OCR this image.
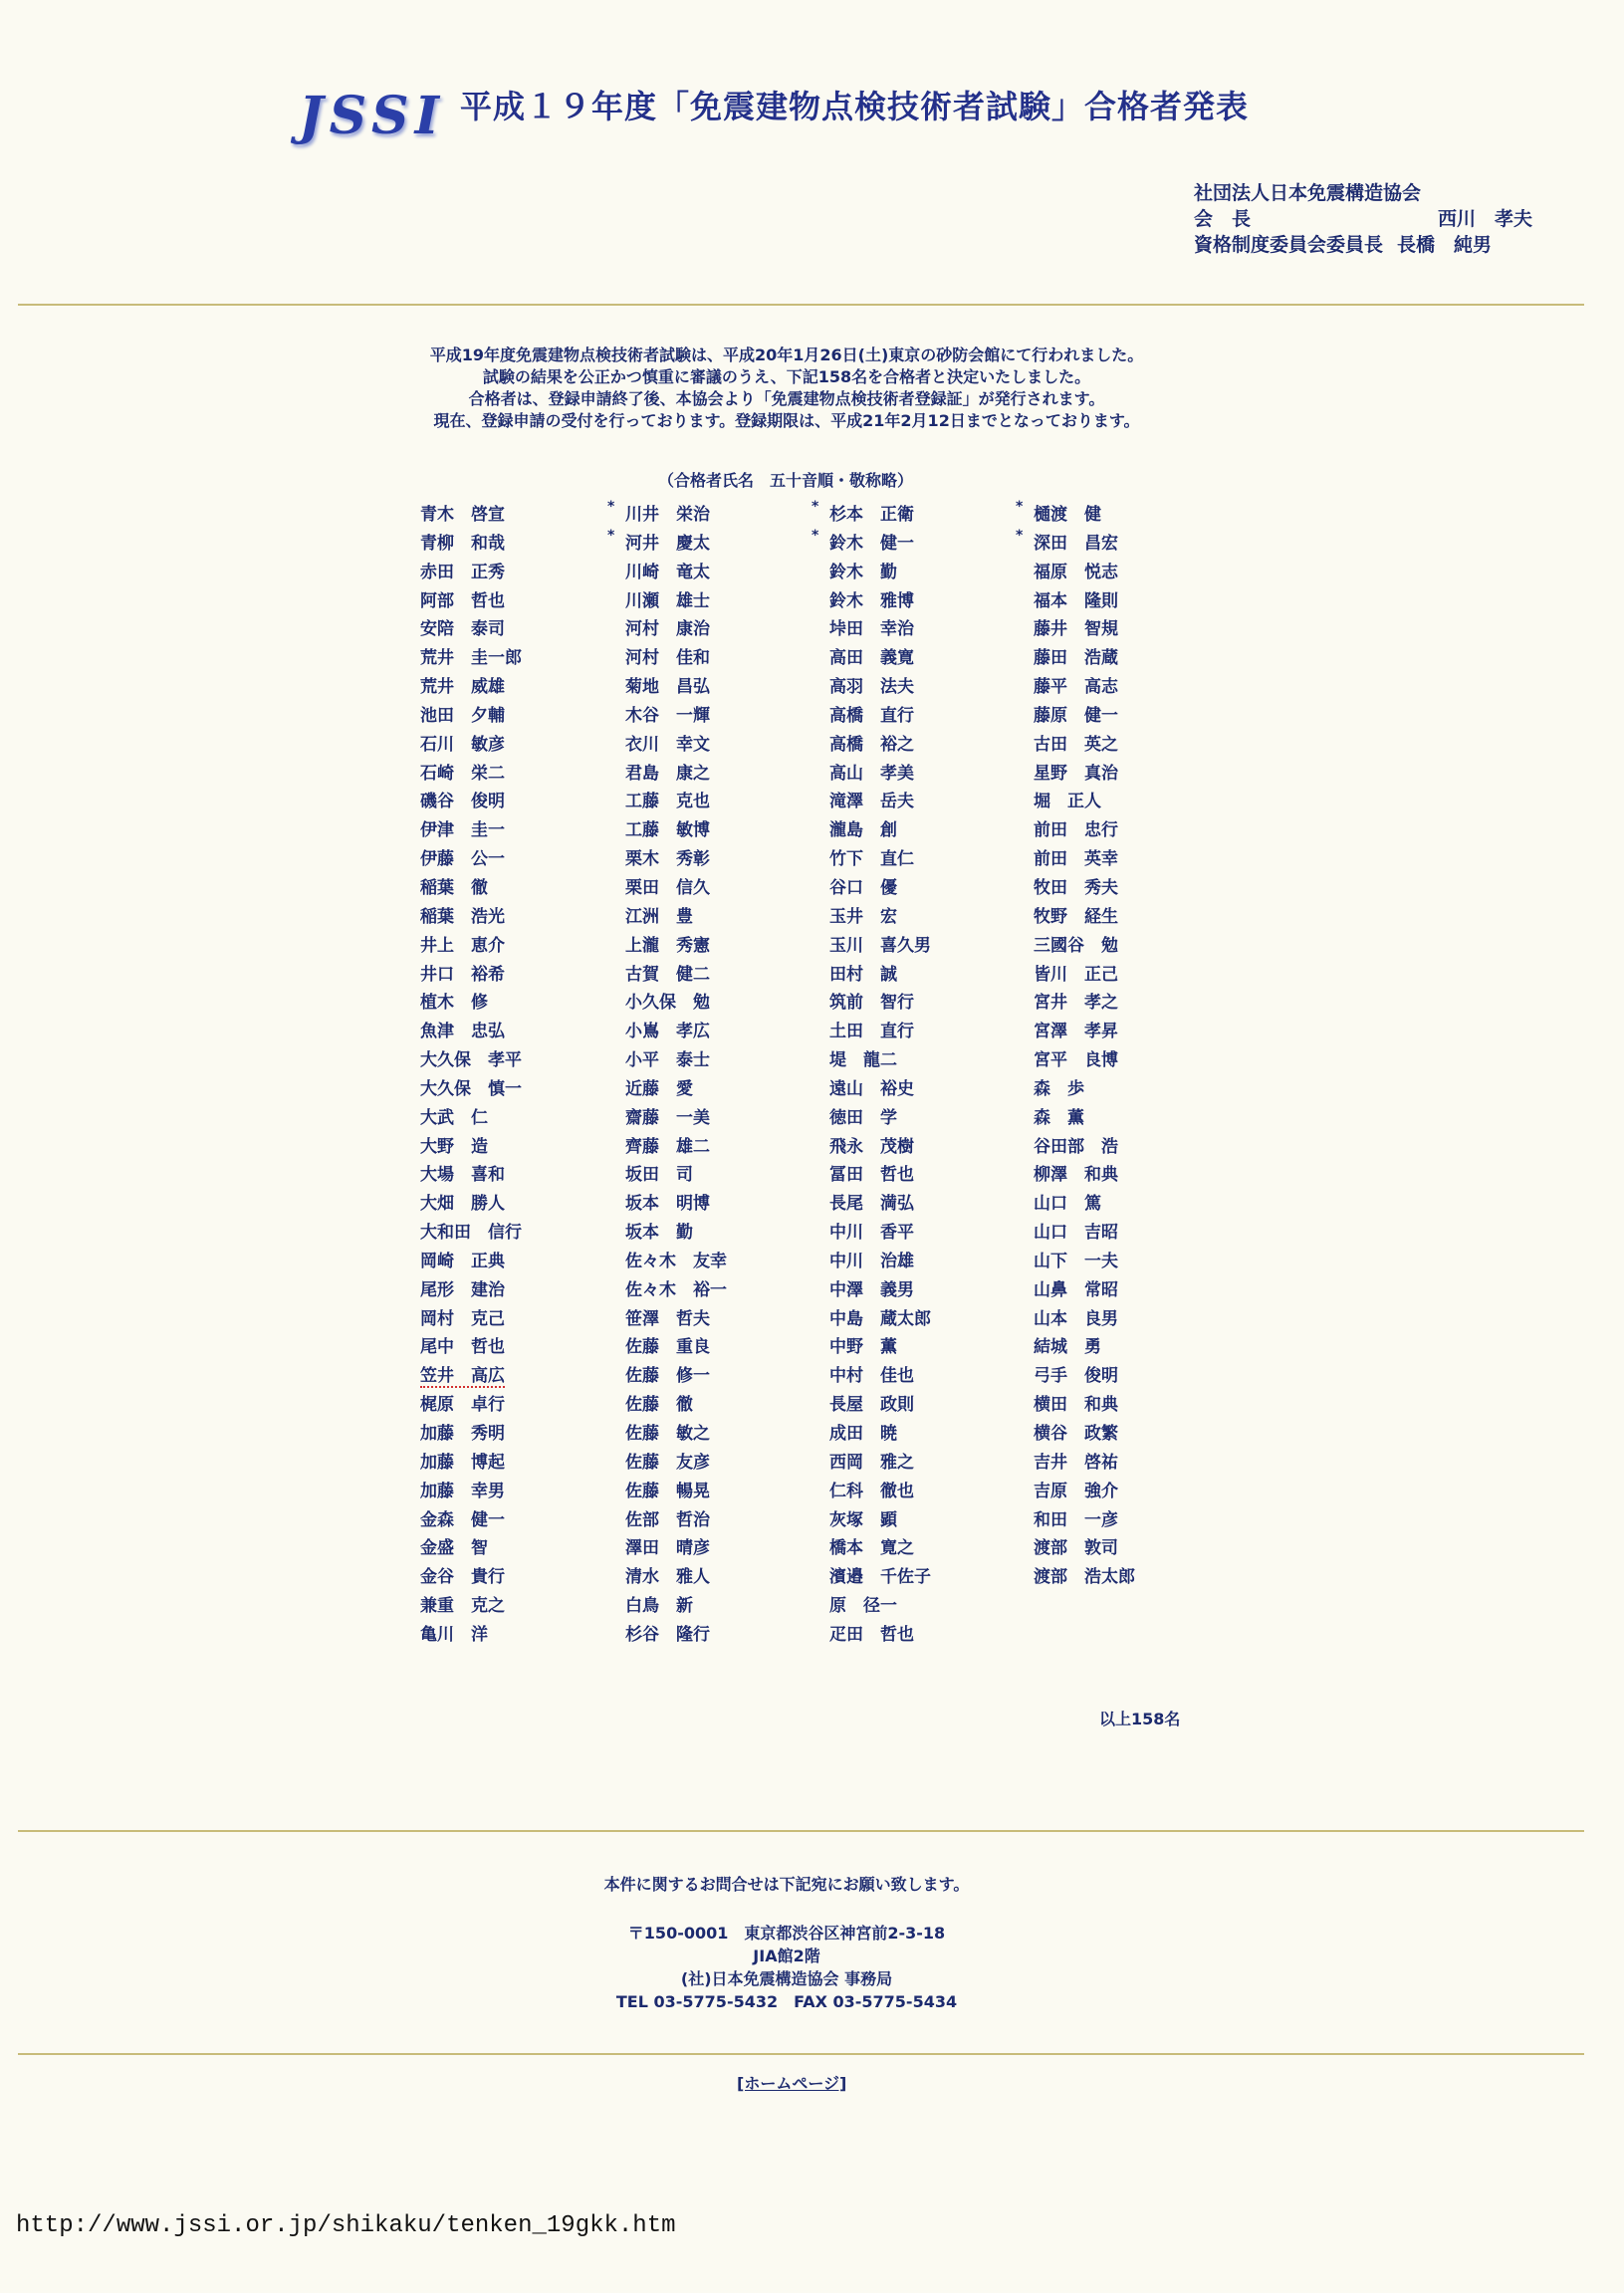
JSSI 平成１９年度「免震建物点検技術者試験」合格者発表
社団法人日本免震構造協会
会　長	西川　孝夫
資格制度委員会委員長 長橋　純男
平成19年度免震建物点検技術者試験は、平成20年1月26日(土)東京の砂防会館にて行われました。
試験の結果を公正かつ慎重に審議のうえ、下記158名を合格者と決定いたしました。
合格者は、登録申請終了後、本協会より「免震建物点検技術者登録証」が発行されます。
現在、登録申請の受付を行っております。登録期限は、平成21年2月12日までとなっております。
（合格者氏名　五十音順・敬称略）
青木　啓宣
青柳　和哉
赤田　正秀
阿部　哲也
安陪　泰司
荒井　圭一郎
荒井　威雄
池田　夕輔
石川　敏彦
石崎　栄二
磯谷　俊明
伊津　圭一
伊藤　公一
稲葉　徹
稲葉　浩光
井上　恵介
井口　裕希
植木　修
魚津　忠弘
大久保　孝平
大久保　慎一
大武　仁
大野　造
大場　喜和
大畑　勝人
大和田　信行
岡崎　正典
尾形　建治
岡村　克己
尾中　哲也
笠井　高広
梶原　卓行
加藤　秀明
加藤　博起
加藤　幸男
金森　健一
金盛　智
金谷　貴行
兼重　克之
亀川　洋
* 川井　栄治
* 河井　慶太
川崎　竜太
川瀬　雄士
河村　康治
河村　佳和
菊地　昌弘
木谷　一輝
衣川　幸文
君島　康之
工藤　克也
工藤　敏博
栗木　秀彰
栗田　信久
江洲　豊
上瀧　秀憲
古賀　健二
小久保　勉
小嶌　孝広
小平　泰士
近藤　愛
齋藤　一美
齊藤　雄二
坂田　司
坂本　明博
坂本　勤
佐々木　友幸
佐々木　裕一
笹澤　哲夫
佐藤　重良
佐藤　修一
佐藤　徹
佐藤　敏之
佐藤　友彦
佐藤　暢晃
佐部　哲治
澤田　晴彦
清水　雅人
白鳥　新
杉谷　隆行
* 杉本　正衛
* 鈴木　健一
鈴木　勤
鈴木　雅博
垰田　幸治
高田　義寛
高羽　法夫
高橋　直行
高橋　裕之
高山　孝美
滝澤　岳夫
瀧島　創
竹下　直仁
谷口　優
玉井　宏
玉川　喜久男
田村　誠
筑前　智行
土田　直行
堤　龍二
遠山　裕史
徳田　学
飛永　茂樹
冨田　哲也
長尾　満弘
中川　香平
中川　治雄
中澤　義男
中島　蔵太郎
中野　薫
中村　佳也
長屋　政則
成田　暁
西岡　雅之
仁科　徹也
灰塚　顕
橋本　寛之
濱邉　千佐子
原　径一
疋田　哲也
* 樋渡　健
* 深田　昌宏
福原　悦志
福本　隆則
藤井　智規
藤田　浩蔵
藤平　高志
藤原　健一
古田　英之
星野　真治
堀　正人
前田　忠行
前田　英幸
牧田　秀夫
牧野　経生
三國谷　勉
皆川　正己
宮井　孝之
宮澤　孝昇
宮平　良博
森　歩
森　薫
谷田部　浩
柳澤　和典
山口　篤
山口　吉昭
山下　一夫
山鼻　常昭
山本　良男
結城　勇
弓手　俊明
横田　和典
横谷　政繁
吉井　啓祐
吉原　強介
和田　一彦
渡部　敦司
渡部　浩太郎
以上158名
本件に関するお問合せは下記宛にお願い致します。
〒150-0001　東京都渋谷区神宮前2-3-18
JIA館2階
(社)日本免震構造協会 事務局
TEL 03-5775-5432　FAX 03-5775-5434
[ホームページ]
http://www.jssi.or.jp/shikaku/tenken_19gkk.htm
